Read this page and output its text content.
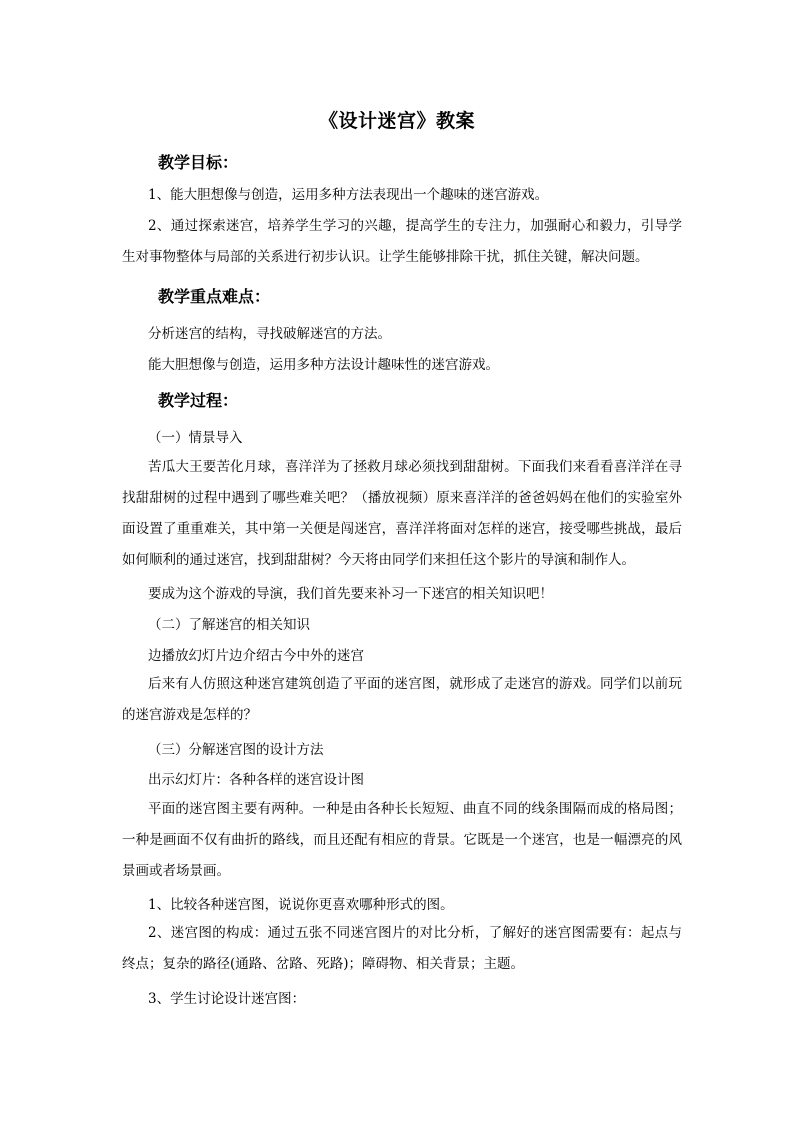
《设计迷宫》教案
教学目标：
1、能大胆想像与创造，运用多种方法表现出一个趣味的迷宫游戏。
2、通过探索迷宫，培养学生学习的兴趣，提高学生的专注力，加强耐心和毅力，引导学生对事物整体与局部的关系进行初步认识。让学生能够排除干扰，抓住关键，解决问题。
教学重点难点：
分析迷宫的结构，寻找破解迷宫的方法。
能大胆想像与创造，运用多种方法设计趣味性的迷宫游戏。
教学过程：
（一）情景导入
苦瓜大王要苦化月球，喜洋洋为了拯救月球必须找到甜甜树。下面我们来看看喜洋洋在寻找甜甜树的过程中遇到了哪些难关吧？（播放视频）原来喜洋洋的爸爸妈妈在他们的实验室外面设置了重重难关，其中第一关便是闯迷宫，喜洋洋将面对怎样的迷宫，接受哪些挑战，最后如何顺利的通过迷宫，找到甜甜树？今天将由同学们来担任这个影片的导演和制作人。
要成为这个游戏的导演，我们首先要来补习一下迷宫的相关知识吧！
（二）了解迷宫的相关知识
边播放幻灯片边介绍古今中外的迷宫
后来有人仿照这种迷宫建筑创造了平面的迷宫图，就形成了走迷宫的游戏。同学们以前玩的迷宫游戏是怎样的？
（三）分解迷宫图的设计方法
出示幻灯片：各种各样的迷宫设计图
平面的迷宫图主要有两种。一种是由各种长长短短、曲直不同的线条围隔而成的格局图；一种是画面不仅有曲折的路线，而且还配有相应的背景。它既是一个迷宫，也是一幅漂亮的风景画或者场景画。
1、比较各种迷宫图，说说你更喜欢哪种形式的图。
2、迷宫图的构成：通过五张不同迷宫图片的对比分析，了解好的迷宫图需要有：起点与终点；复杂的路径(通路、岔路、死路)；障碍物、相关背景；主题。
3、学生讨论设计迷宫图：
